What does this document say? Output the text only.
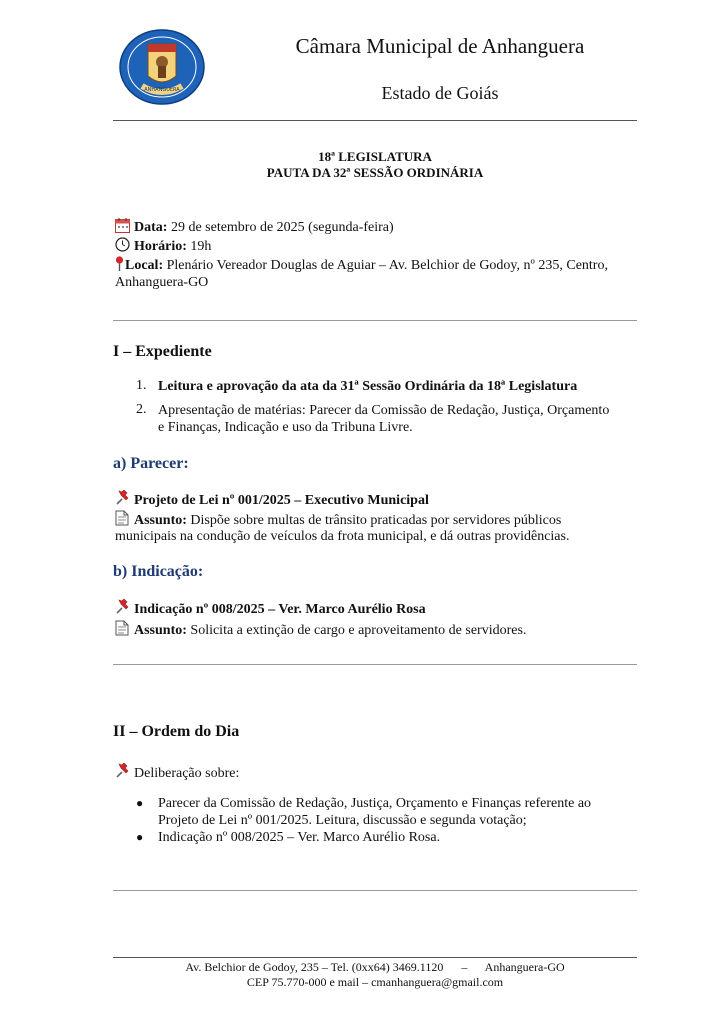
ANHANGUERA
Câmara Municipal de Anhanguera
Estado de Goiás
18ª LEGISLATURA
PAUTA DA 32ª SESSÃO ORDINÁRIA
Data: 29 de setembro de 2025 (segunda-feira)
Horário: 19h
Local: Plenário Vereador Douglas de Aguiar – Av. Belchior de Godoy, nº 235, Centro,
Anhanguera-GO
I – Expediente
1. Leitura e aprovação da ata da 31ª Sessão Ordinária da 18ª Legislatura
2. Apresentação de matérias: Parecer da Comissão de Redação, Justiça, Orçamento
e Finanças, Indicação e uso da Tribuna Livre.
a) Parecer:
Projeto de Lei nº 001/2025 – Executivo Municipal
Assunto: Dispõe sobre multas de trânsito praticadas por servidores públicos
municipais na condução de veículos da frota municipal, e dá outras providências.
b) Indicação:
Indicação nº 008/2025 – Ver. Marco Aurélio Rosa
Assunto: Solicita a extinção de cargo e aproveitamento de servidores.
II – Ordem do Dia
Deliberação sobre:
● Parecer da Comissão de Redação, Justiça, Orçamento e Finanças referente ao
Projeto de Lei nº 001/2025. Leitura, discussão e segunda votação;
● Indicação nº 008/2025 – Ver. Marco Aurélio Rosa.
Av. Belchior de Godoy, 235 – Tel. (0xx64) 3469.1120      –      Anhanguera-GO
CEP 75.770-000 e mail – cmanhanguera@gmail.com
